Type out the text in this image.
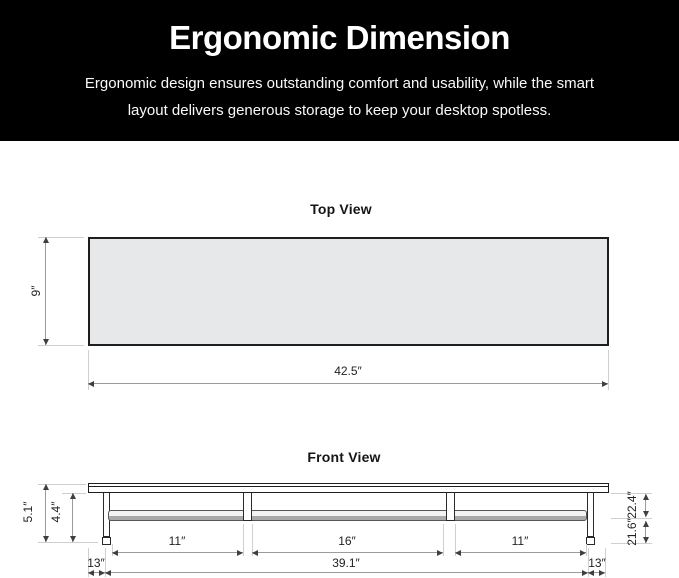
Ergonomic Dimension

Ergonomic design ensures outstanding comfort and usability, while the smart

layout delivers generous storage to keep your desktop spotless.

Top View
9″
42.5″
Front View
5.1″ 4.4″	22.4″
21.6″
11″	16″	11″
13″	39.1″	13″
